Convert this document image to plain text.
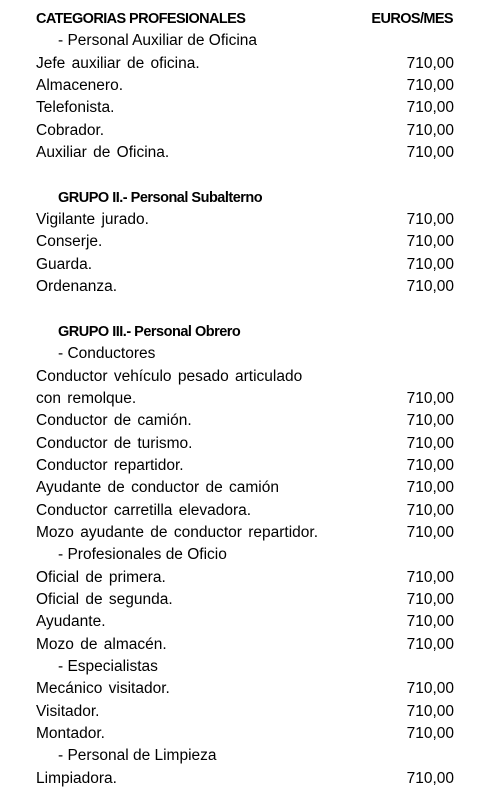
CATEGORIAS PROFESIONALES	EUROS/MES
- Personal Auxiliar de Oficina
Jefe auxiliar de oficina.	710,00
Almacenero.	710,00
Telefonista.	710,00
Cobrador.	710,00
Auxiliar de Oficina.	710,00
GRUPO II.- Personal Subalterno
Vigilante jurado.	710,00
Conserje.	710,00
Guarda.	710,00
Ordenanza.	710,00
GRUPO III.- Personal Obrero
- Conductores
Conductor vehículo pesado articulado
con remolque.	710,00
Conductor de camión.	710,00
Conductor de turismo.	710,00
Conductor repartidor.	710,00
Ayudante de conductor de camión	710,00
Conductor carretilla elevadora.	710,00
Mozo ayudante de conductor repartidor.	710,00
- Profesionales de Oficio
Oficial de primera.	710,00
Oficial de segunda.	710,00
Ayudante.	710,00
Mozo de almacén.	710,00
- Especialistas
Mecánico visitador.	710,00
Visitador.	710,00
Montador.	710,00
- Personal de Limpieza
Limpiadora.	710,00
